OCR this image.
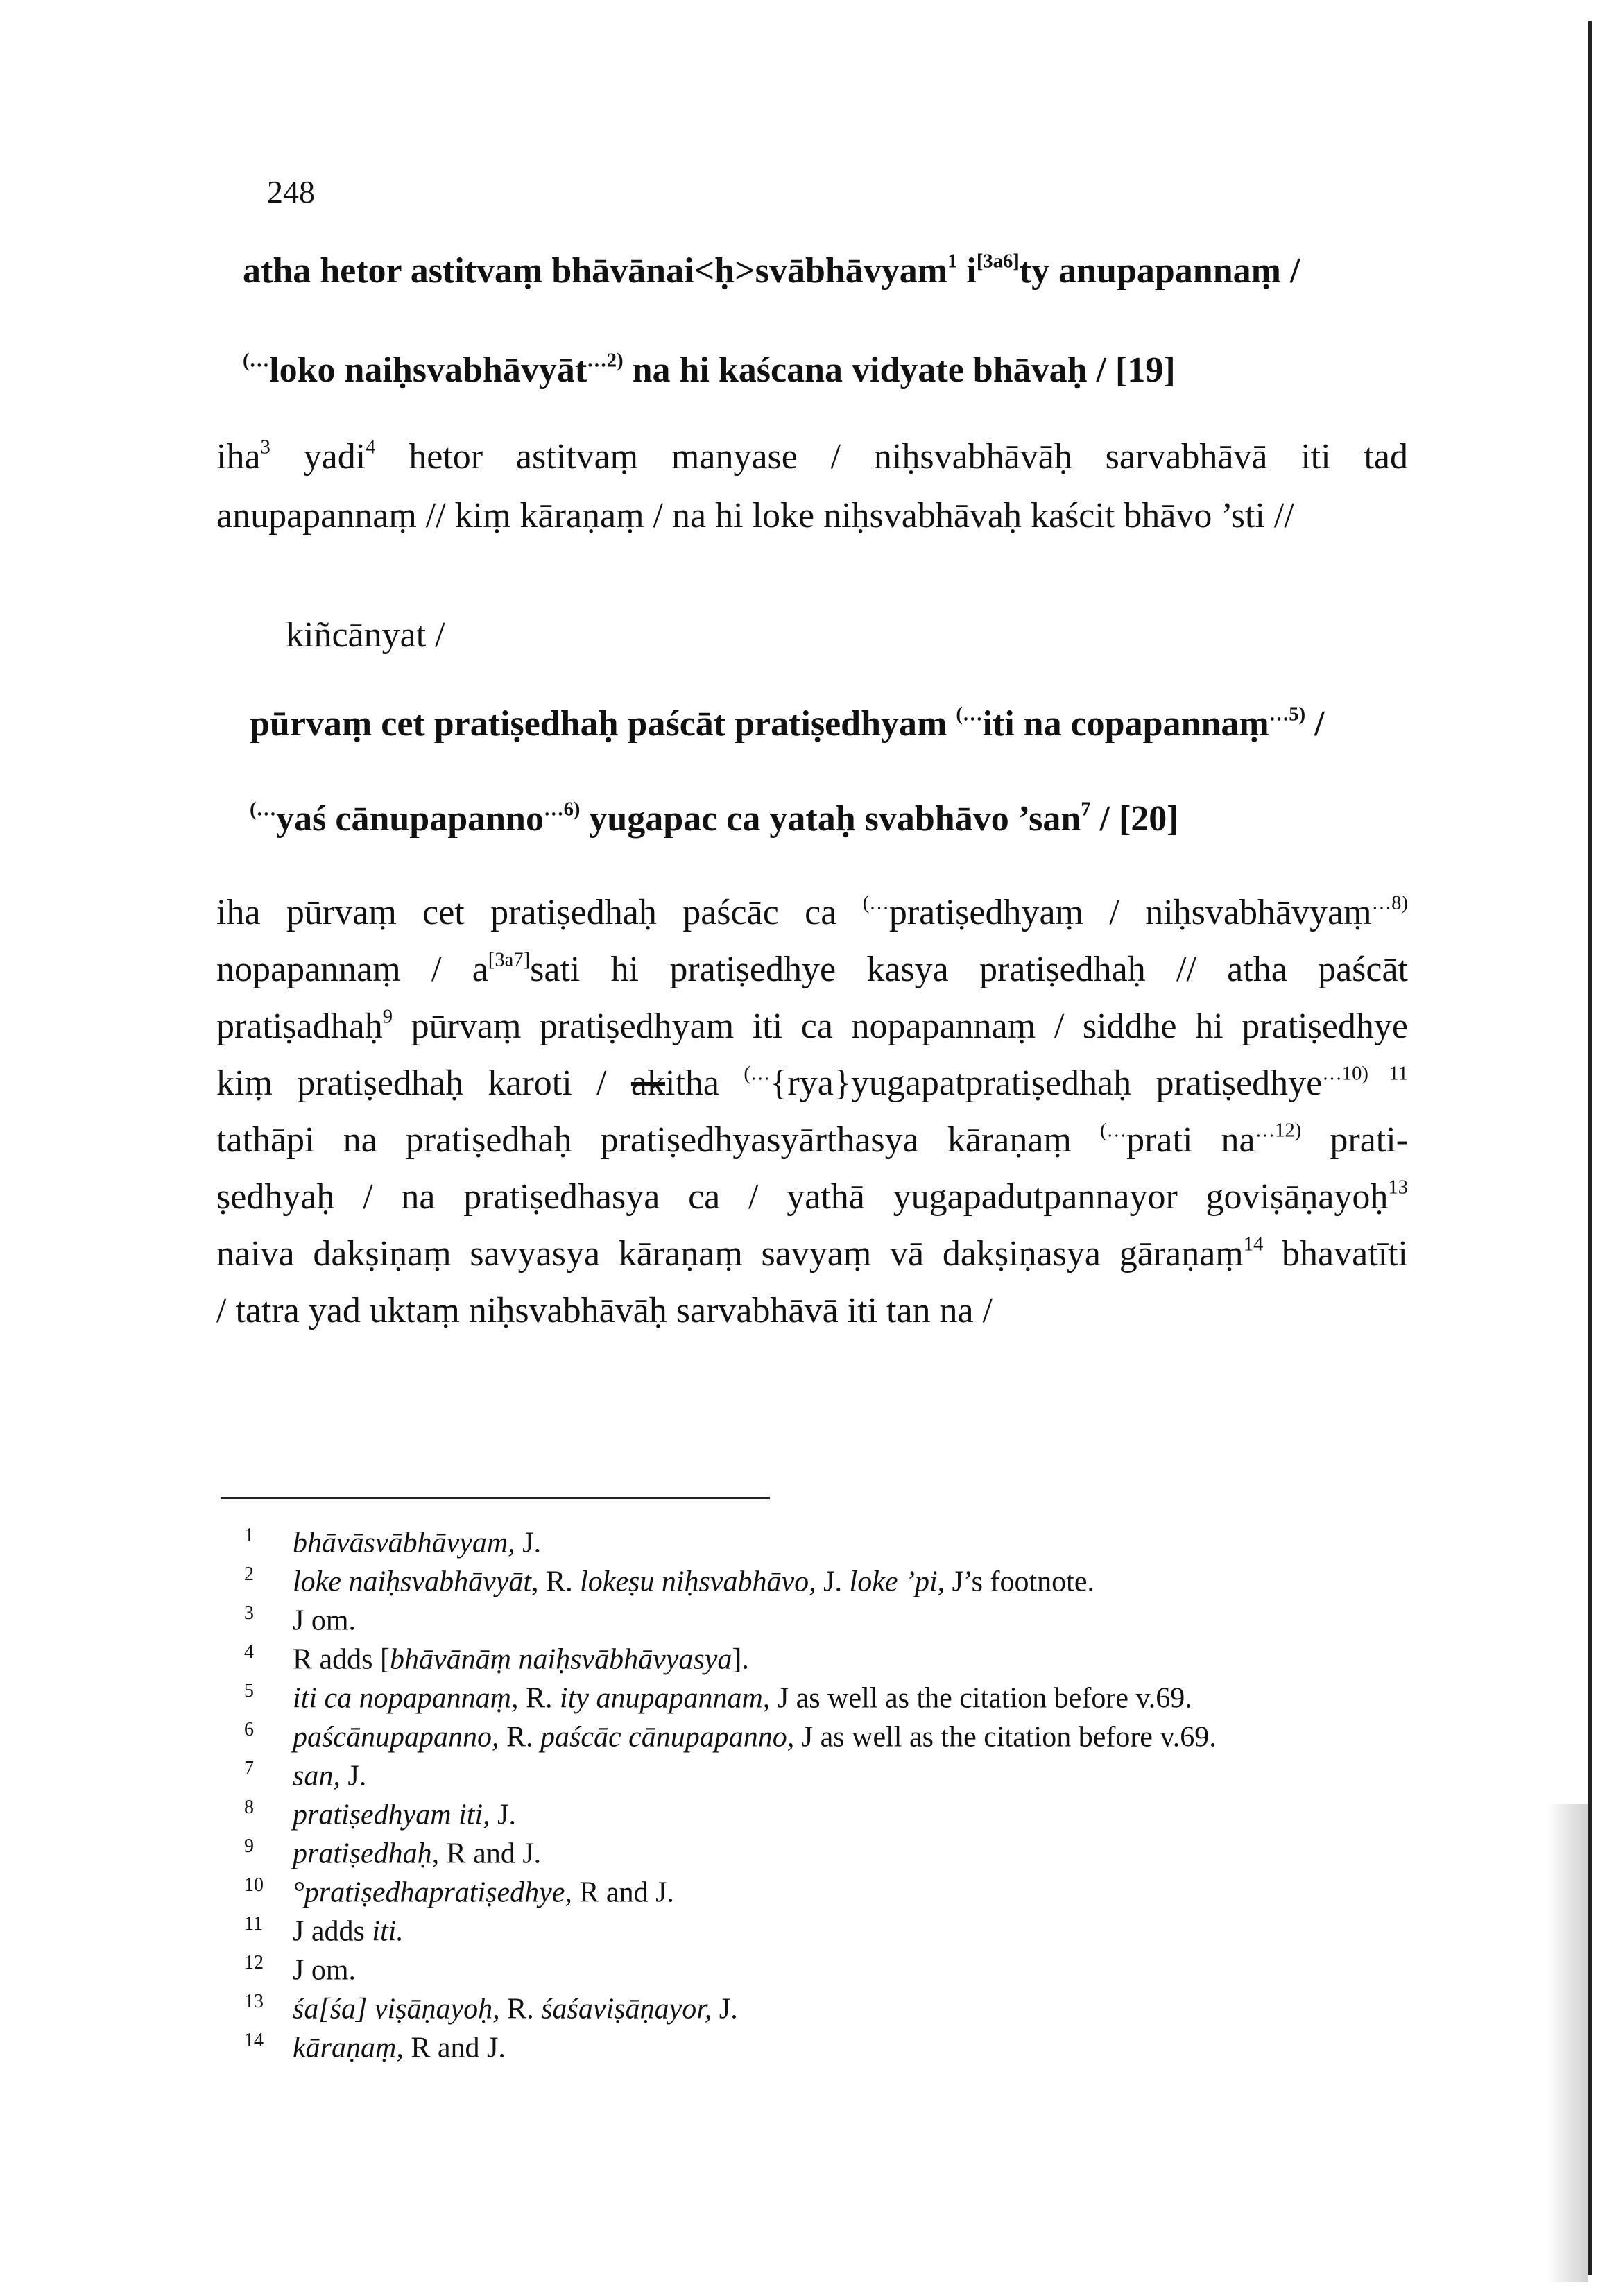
248
atha hetor astitvaṃ bhāvānai<ḥ>svābhāvyam$^1$ i[3a6]ty anupapannaṃ /
(…loko naiḥsvabhāvyāt$^{\dots 2)}$ na hi kaścana vidyate bhāvaḥ / [19]
iha$^3$ yadi$^4$ hetor astitvaṃ manyase / niḥsvabhāvāḥ sarvabhāvā iti tad
anupapannaṃ // kiṃ kāraṇaṃ / na hi loke niḥsvabhāvaḥ kaścit bhāvo ’sti //
kiñcānyat /
pūrvaṃ cet pratiṣedhaḥ paścāt pratiṣedhyam (…iti na copapannaṃ$^{\dots 5)}$ /
(…yaś cānupapanno$^{\dots 6)}$ yugapac ca yataḥ svabhāvo ’san$^7$ / [20]
iha pūrvaṃ cet pratiṣedhaḥ paścāc ca (…pratiṣedhyaṃ / niḥsvabhāvyaṃ$^{\dots 8)}$
nopapannaṃ / a[3a7]sati hi pratiṣedhye kasya pratiṣedhaḥ // atha paścāt
pratiṣadhaḥ$^9$ pūrvaṃ pratiṣedhyam iti ca nopapannaṃ / siddhe hi pratiṣedhye
kiṃ pratiṣedhaḥ karoti / akitha (…{rya}yugapatpratiṣedhaḥ pratiṣedhye$^{\dots 10)}$ $^{11}$
tathāpi na pratiṣedhaḥ pratiṣedhyasyārthasya kāraṇaṃ (…prati $na^{\dots 12)}$ prati-
ṣedhyaḥ / na pratiṣedhasya ca / yathā yugapadutpannayor goviṣāṇayoḥ$^{13}$
naiva dakṣiṇaṃ savyasya kāraṇaṃ savyaṃ vā dakṣiṇasya gāraṇaṃ$^{14}$ bhavatīti
/ tatra yad uktaṃ niḥsvabhāvāḥ sarvabhāvā iti tan na /
1 bhāvāsvābhāvyam, J.
2 loke naiḥsvabhāvyāt, R. lokeṣu niḥsvabhāvo, J. loke ’pi, J’s footnote.
3 J om.
4 R adds [bhāvānāṃ naiḥsvābhāvyasya].
5 iti ca nopapannaṃ, R. ity anupapannam, J as well as the citation before v.69.
6 paścānupapanno, R. paścāc cānupapanno, J as well as the citation before v.69.
7 san, J.
8 pratiṣedhyam iti, J.
9 pratiṣedhaḥ, R and J.
10 °pratiṣedhapratiṣedhye, R and J.
11 J adds iti.
12 J om.
13 śa[śa] viṣāṇayoḥ, R. śaśaviṣāṇayor, J.
14 kāraṇaṃ, R and J.
